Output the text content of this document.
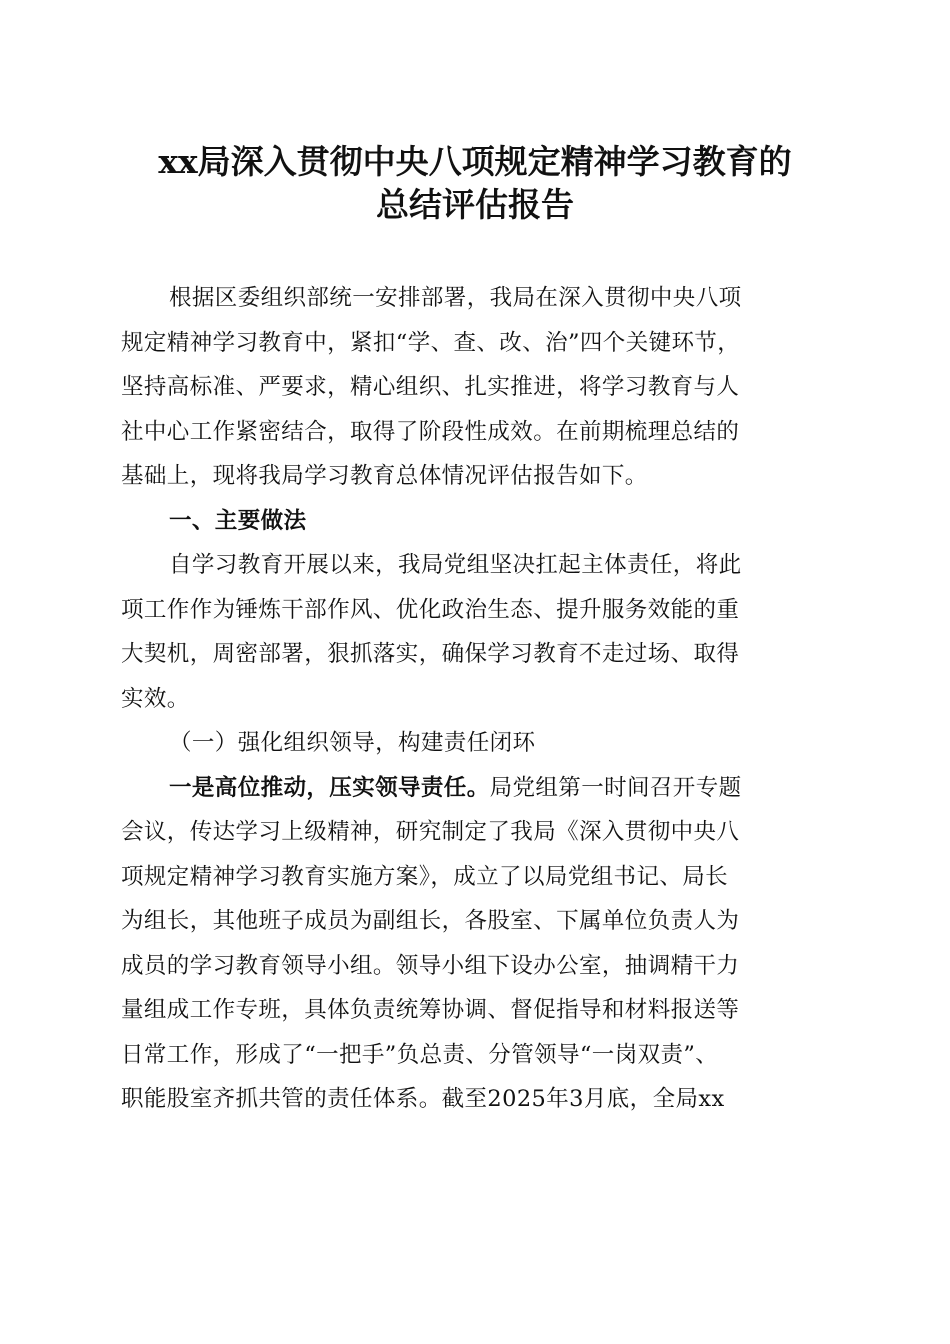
xx局深入贯彻中央八项规定精神学习教育的
总结评估报告

根据区委组织部统一安排部署，我局在深入贯彻中央八项

规定精神学习教育中，紧扣“学、查、改、治”四个关键环节，

坚持高标准、严要求，精心组织、扎实推进，将学习教育与人

社中心工作紧密结合，取得了阶段性成效。在前期梳理总结的

基础上，现将我局学习教育总体情况评估报告如下。

一、主要做法

自学习教育开展以来，我局党组坚决扛起主体责任，将此

项工作作为锤炼干部作风、优化政治生态、提升服务效能的重

大契机，周密部署，狠抓落实，确保学习教育不走过场、取得

实效。

（一）强化组织领导，构建责任闭环

一是高位推动，压实领导责任。局党组第一时间召开专题

会议，传达学习上级精神，研究制定了我局《深入贯彻中央八

项规定精神学习教育实施方案》，成立了以局党组书记、局长

为组长，其他班子成员为副组长，各股室、下属单位负责人为

成员的学习教育领导小组。领导小组下设办公室，抽调精干力

量组成工作专班，具体负责统筹协调、督促指导和材料报送等

日常工作，形成了“一把手”负总责、分管领导“一岗双责”、

职能股室齐抓共管的责任体系。截至2025年3月底，全局xx
